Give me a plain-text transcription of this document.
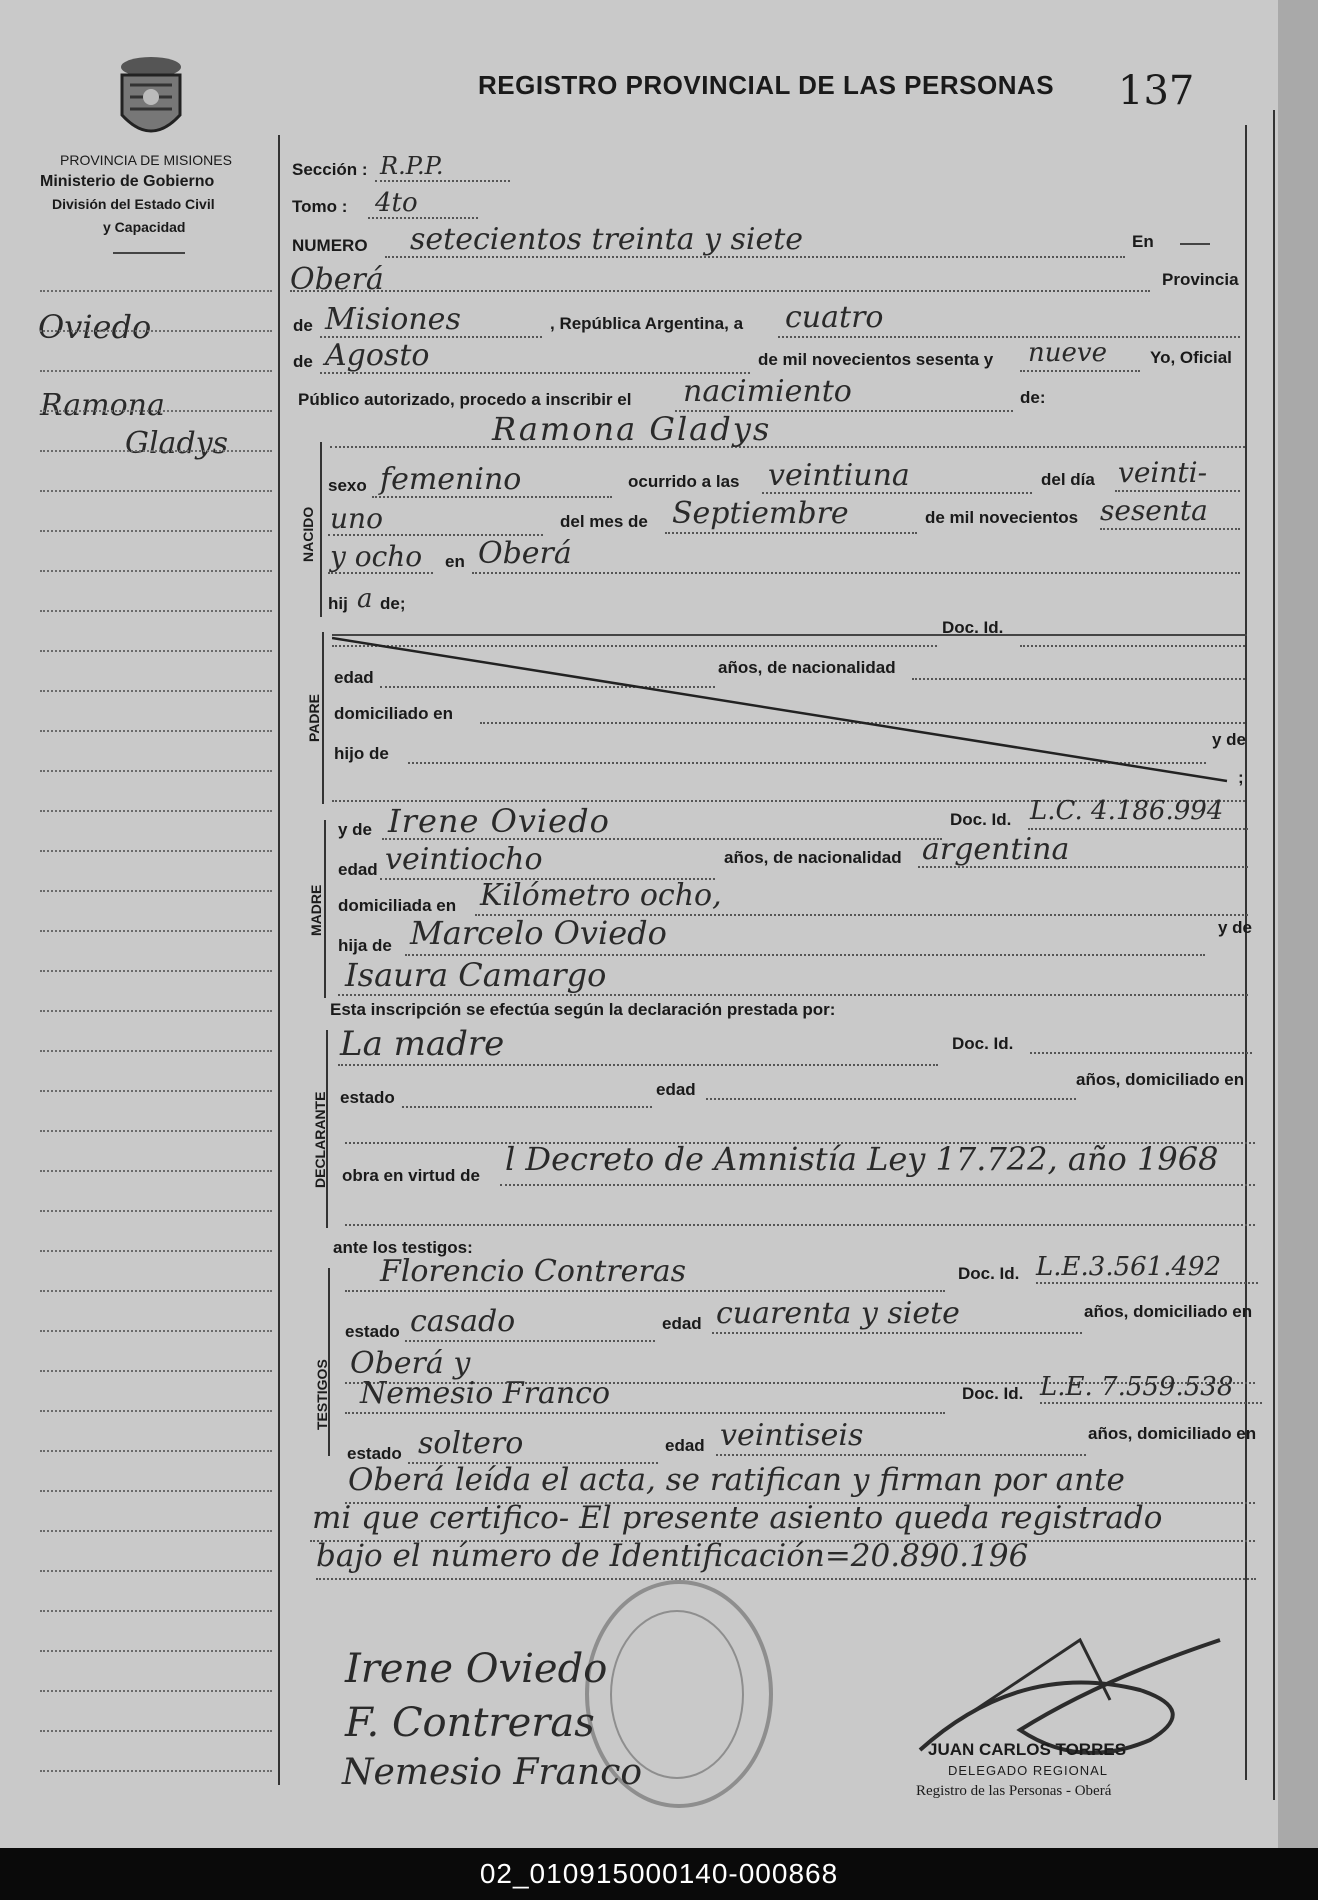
PROVINCIA DE MISIONES
Ministerio de Gobierno
División del Estado Civil
y Capacidad
REGISTRO PROVINCIAL DE LAS PERSONAS 137
Oviedo
Ramona
Gladys
Sección : R.P.P.
Tomo : 4to
NUMERO setecientos treinta y siete	En
Oberá	Provincia
de Misiones	, República Argentina, a cuatro
de Agosto	de mil novecientos sesenta y nueve	Yo, Oficial
Público autorizado, procedo a inscribir el nacimiento	de:
Ramona Gladys
NACIDO
sexo femenino	ocurrido a las veintiuna	del día veinti-
uno	del mes de Septiembre	de mil novecientos sesenta
y ocho en Oberá
hij a de;
PADRE
Doc. Id.
edad
años, de nacionalidad
domiciliado en
y de
hijo de
;
MADRE
y de Irene Oviedo	Doc. Id. L.C. 4.186.994
edad veintiocho	años, de nacionalidad argentina
domiciliada en Kilómetro ocho,
hija de Marcelo Oviedo	y de
Isaura Camargo
Esta inscripción se efectúa según la declaración prestada por:
DECLARANTE
La madre	Doc. Id.
estado	edad
años, domiciliado en
obra en virtud de l Decreto de Amnistía Ley 17.722, año 1968
ante los testigos:
TESTIGOS
Florencio Contreras	Doc. Id. L.E.3.561.492
estado casado	edad cuarenta y siete	años, domiciliado en
Oberá y
Nemesio Franco	Doc. Id. L.E. 7.559.538
estado soltero	edad veintiseis	años, domiciliado en
Oberá leída el acta, se ratifican y firman por ante
mi que certifico- El presente asiento queda registrado
bajo el número de Identificación=20.890.196
Irene Oviedo
F. Contreras
Nemesio Franco
JUAN CARLOS TORRES
DELEGADO REGIONAL
Registro de las Personas - Oberá
02_010915000140-000868
